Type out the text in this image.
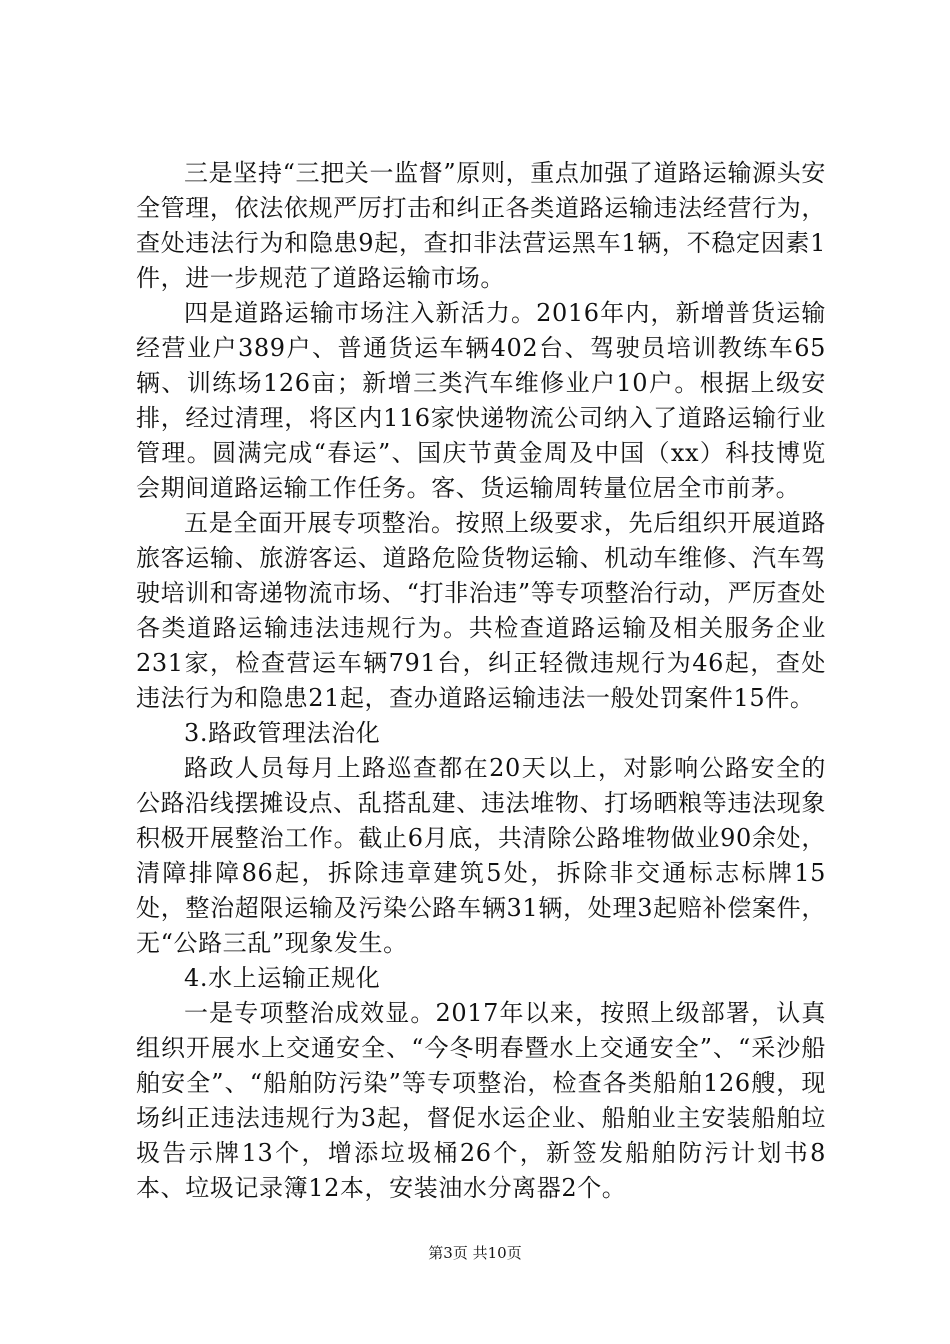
三是坚持“三把关一监督”原则，重点加强了道路运输源头安全管理，依法依规严厉打击和纠正各类道路运输违法经营行为，查处违法行为和隐患9起，查扣非法营运黑车1辆，不稳定因素1件，进一步规范了道路运输市场。

四是道路运输市场注入新活力。2016年内，新增普货运输经营业户389户、普通货运车辆402台、驾驶员培训教练车65辆、训练场126亩；新增三类汽车维修业户10户。根据上级安排，经过清理，将区内116家快递物流公司纳入了道路运输行业管理。圆满完成“春运”、国庆节黄金周及中国（xx）科技博览会期间道路运输工作任务。客、货运输周转量位居全市前茅。

五是全面开展专项整治。按照上级要求，先后组织开展道路旅客运输、旅游客运、道路危险货物运输、机动车维修、汽车驾驶培训和寄递物流市场、“打非治违”等专项整治行动，严厉查处各类道路运输违法违规行为。共检查道路运输及相关服务企业231家，检查营运车辆791台，纠正轻微违规行为46起，查处违法行为和隐患21起，查办道路运输违法一般处罚案件15件。

3.路政管理法治化

路政人员每月上路巡查都在20天以上，对影响公路安全的公路沿线摆摊设点、乱搭乱建、违法堆物、打场晒粮等违法现象积极开展整治工作。截止6月底，共清除公路堆物做业90余处，清障排障86起，拆除违章建筑5处，拆除非交通标志标牌15处，整治超限运输及污染公路车辆31辆，处理3起赔补偿案件，无“公路三乱”现象发生。

4.水上运输正规化

一是专项整治成效显。2017年以来，按照上级部署，认真组织开展水上交通安全、“今冬明春暨水上交通安全”、“采沙船舶安全”、“船舶防污染”等专项整治，检查各类船舶126艘，现场纠正违法违规行为3起，督促水运企业、船舶业主安装船舶垃圾告示牌13个，增添垃圾桶26个，新签发船舶防污计划书8本、垃圾记录簿12本，安装油水分离器2个。

第3页 共10页
